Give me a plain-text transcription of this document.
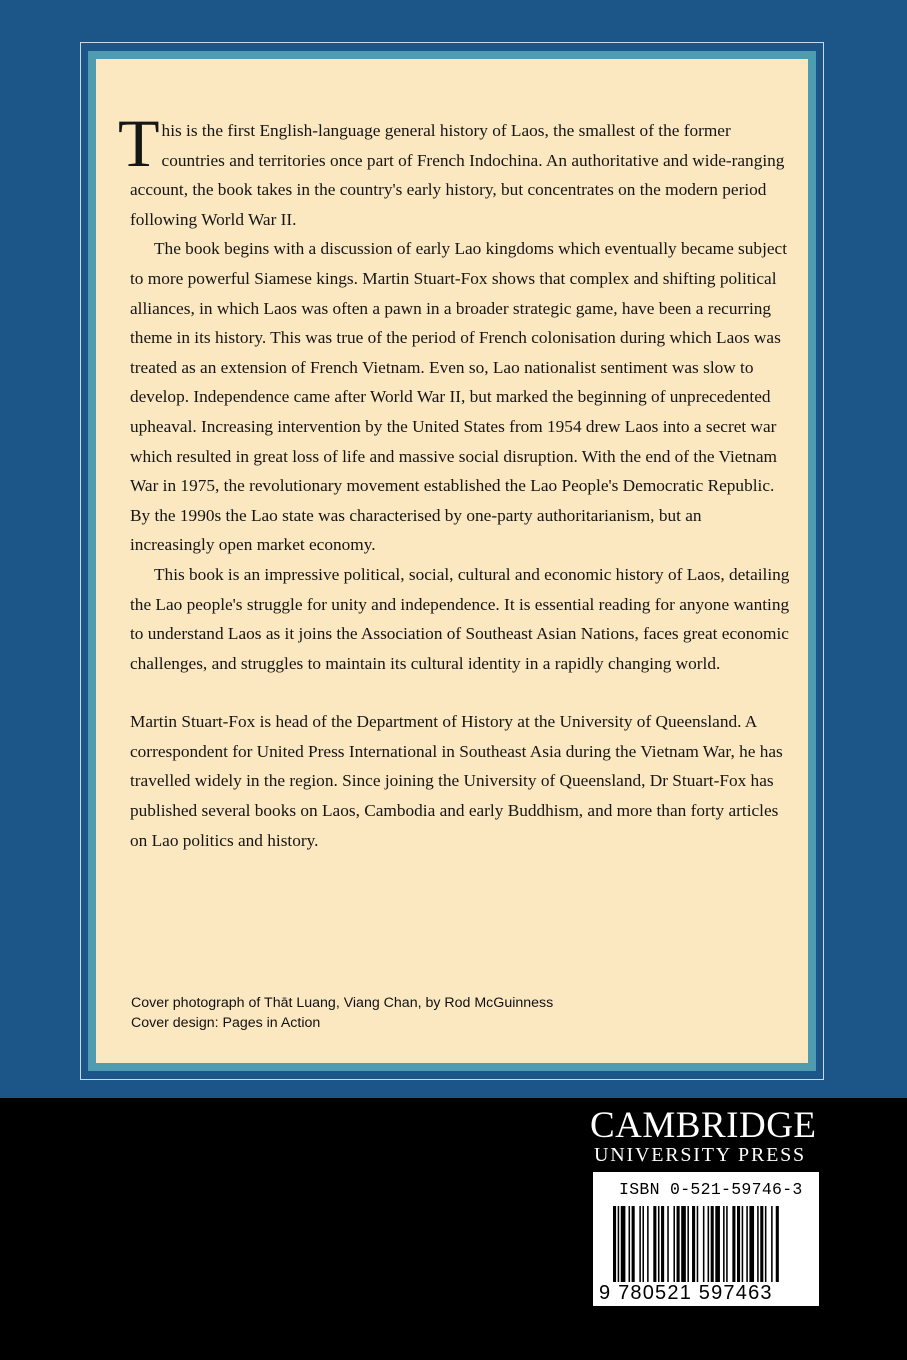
This is the first English-language general history of Laos, the smallest of the former countries and territories once part of French Indochina. An authoritative and wide-ranging account, the book takes in the country's early history, but concentrates on the modern period following World War II.

The book begins with a discussion of early Lao kingdoms which eventually became subject to more powerful Siamese kings. Martin Stuart-Fox shows that complex and shifting political alliances, in which Laos was often a pawn in a broader strategic game, have been a recurring theme in its history. This was true of the period of French colonisation during which Laos was treated as an extension of French Vietnam. Even so, Lao nationalist sentiment was slow to develop. Independence came after World War II, but marked the beginning of unprecedented upheaval. Increasing intervention by the United States from 1954 drew Laos into a secret war which resulted in great loss of life and massive social disruption. With the end of the Vietnam War in 1975, the revolutionary movement established the Lao People's Democratic Republic. By the 1990s the Lao state was characterised by one-party authoritarianism, but an increasingly open market economy.

This book is an impressive political, social, cultural and economic history of Laos, detailing the Lao people's struggle for unity and independence. It is essential reading for anyone wanting to understand Laos as it joins the Association of Southeast Asian Nations, faces great economic challenges, and struggles to maintain its cultural identity in a rapidly changing world.

Martin Stuart-Fox is head of the Department of History at the University of Queensland. A correspondent for United Press International in Southeast Asia during the Vietnam War, he has travelled widely in the region. Since joining the University of Queensland, Dr Stuart-Fox has published several books on Laos, Cambodia and early Buddhism, and more than forty articles on Lao politics and history.

Cover photograph of Thāt Luang, Viang Chan, by Rod McGuinness
Cover design: Pages in Action
CAMBRIDGE
UNIVERSITY PRESS
ISBN 0-521-59746-3
9 780521 597463
